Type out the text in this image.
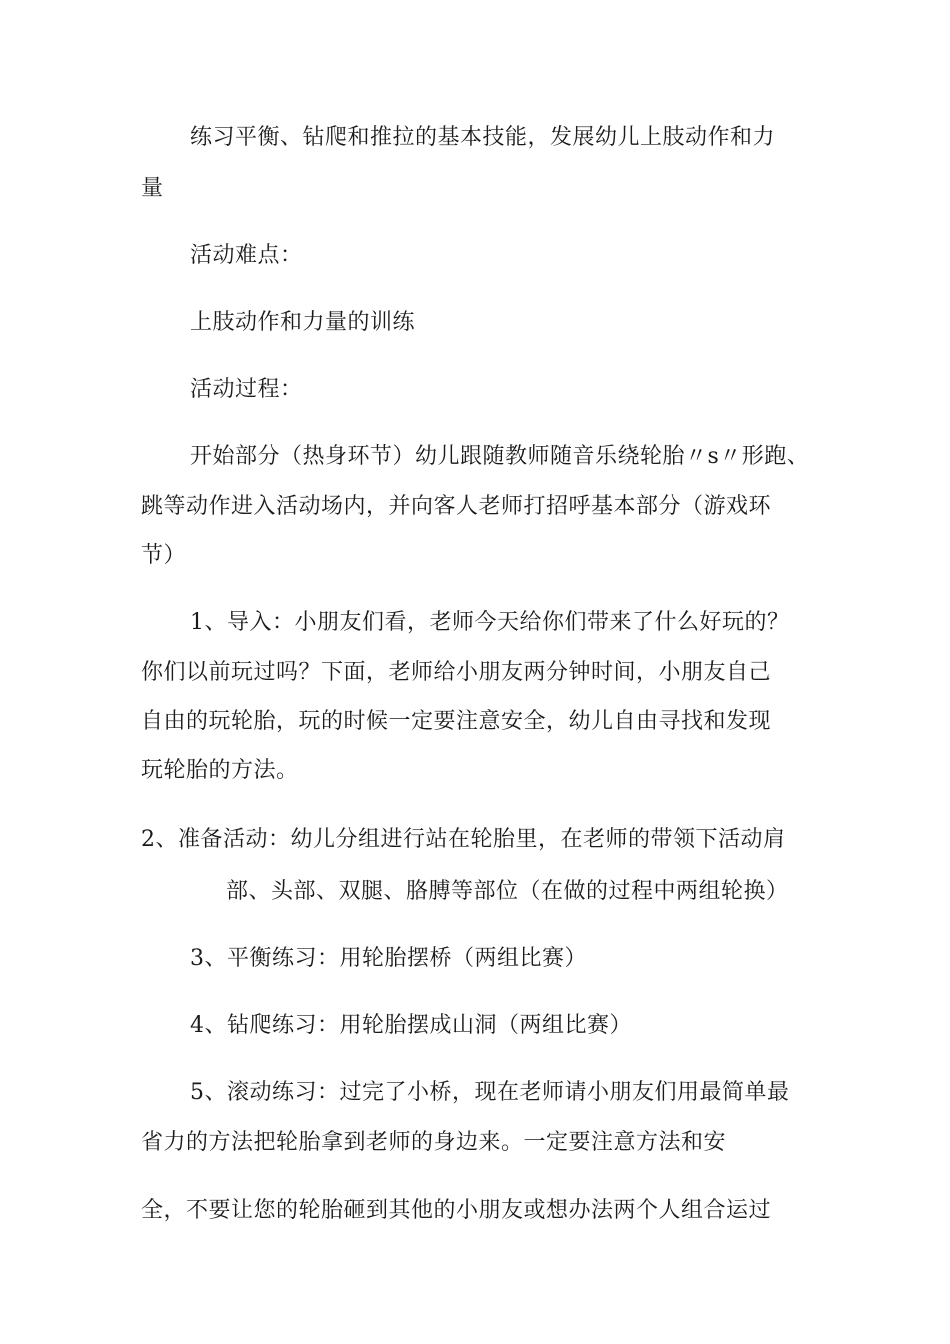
练习平衡、钻爬和推拉的基本技能，发展幼儿上肢动作和力
量
活动难点：
上肢动作和力量的训练
活动过程：
开始部分（热身环节）幼儿跟随教师随音乐绕轮胎〃s〃形跑、
跳等动作进入活动场内，并向客人老师打招呼基本部分（游戏环
节）
1、导入：小朋友们看，老师今天给你们带来了什么好玩的？
你们以前玩过吗？下面，老师给小朋友两分钟时间，小朋友自己
自由的玩轮胎，玩的时候一定要注意安全，幼儿自由寻找和发现
玩轮胎的方法。
2、准备活动：幼儿分组进行站在轮胎里，在老师的带领下活动肩
部、头部、双腿、胳膊等部位（在做的过程中两组轮换）
3、平衡练习：用轮胎摆桥（两组比赛）
4、钻爬练习：用轮胎摆成山洞（两组比赛）
5、滚动练习：过完了小桥，现在老师请小朋友们用最简单最
省力的方法把轮胎拿到老师的身边来。一定要注意方法和安
全，不要让您的轮胎砸到其他的小朋友或想办法两个人组合运过
